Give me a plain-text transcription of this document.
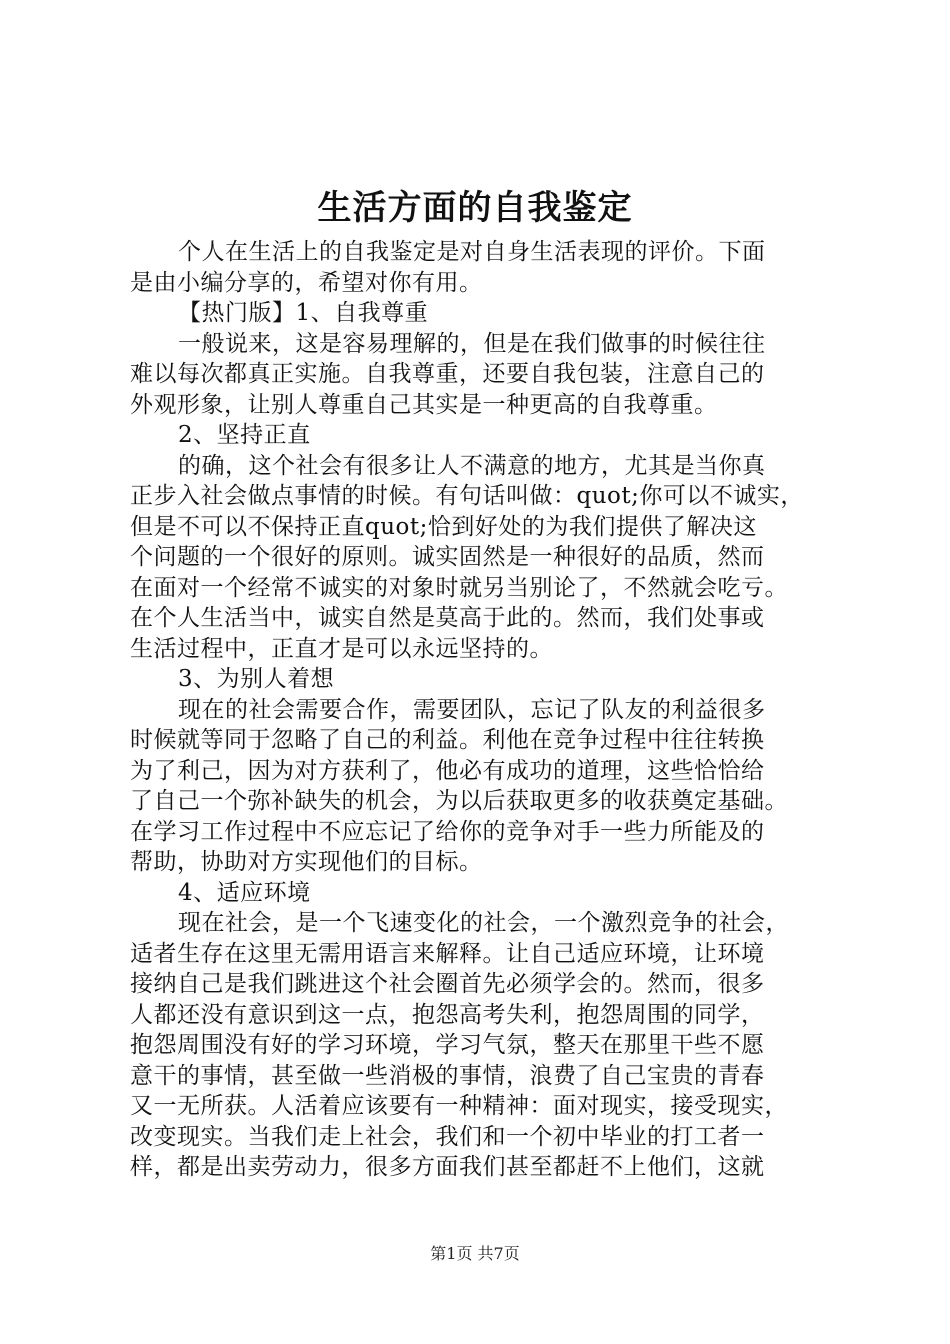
生活方面的自我鉴定
个人在生活上的自我鉴定是对自身生活表现的评价。下面
是由小编分享的，希望对你有用。
【热门版】1、自我尊重
一般说来，这是容易理解的，但是在我们做事的时候往往
难以每次都真正实施。自我尊重，还要自我包装，注意自己的
外观形象，让别人尊重自己其实是一种更高的自我尊重。
2、坚持正直
的确，这个社会有很多让人不满意的地方，尤其是当你真
正步入社会做点事情的时候。有句话叫做：quot;你可以不诚实，
但是不可以不保持正直quot;恰到好处的为我们提供了解决这
个问题的一个很好的原则。诚实固然是一种很好的品质，然而
在面对一个经常不诚实的对象时就另当别论了，不然就会吃亏。
在个人生活当中，诚实自然是莫高于此的。然而，我们处事或
生活过程中，正直才是可以永远坚持的。
3、为别人着想
现在的社会需要合作，需要团队，忘记了队友的利益很多
时候就等同于忽略了自己的利益。利他在竞争过程中往往转换
为了利己，因为对方获利了，他必有成功的道理，这些恰恰给
了自己一个弥补缺失的机会，为以后获取更多的收获奠定基础。
在学习工作过程中不应忘记了给你的竞争对手一些力所能及的
帮助，协助对方实现他们的目标。
4、适应环境
现在社会，是一个飞速变化的社会，一个激烈竞争的社会，
适者生存在这里无需用语言来解释。让自己适应环境，让环境
接纳自己是我们跳进这个社会圈首先必须学会的。然而，很多
人都还没有意识到这一点，抱怨高考失利，抱怨周围的同学，
抱怨周围没有好的学习环境，学习气氛，整天在那里干些不愿
意干的事情，甚至做一些消极的事情，浪费了自己宝贵的青春
又一无所获。人活着应该要有一种精神：面对现实，接受现实，
改变现实。当我们走上社会，我们和一个初中毕业的打工者一
样，都是出卖劳动力，很多方面我们甚至都赶不上他们，这就
第1页 共7页
